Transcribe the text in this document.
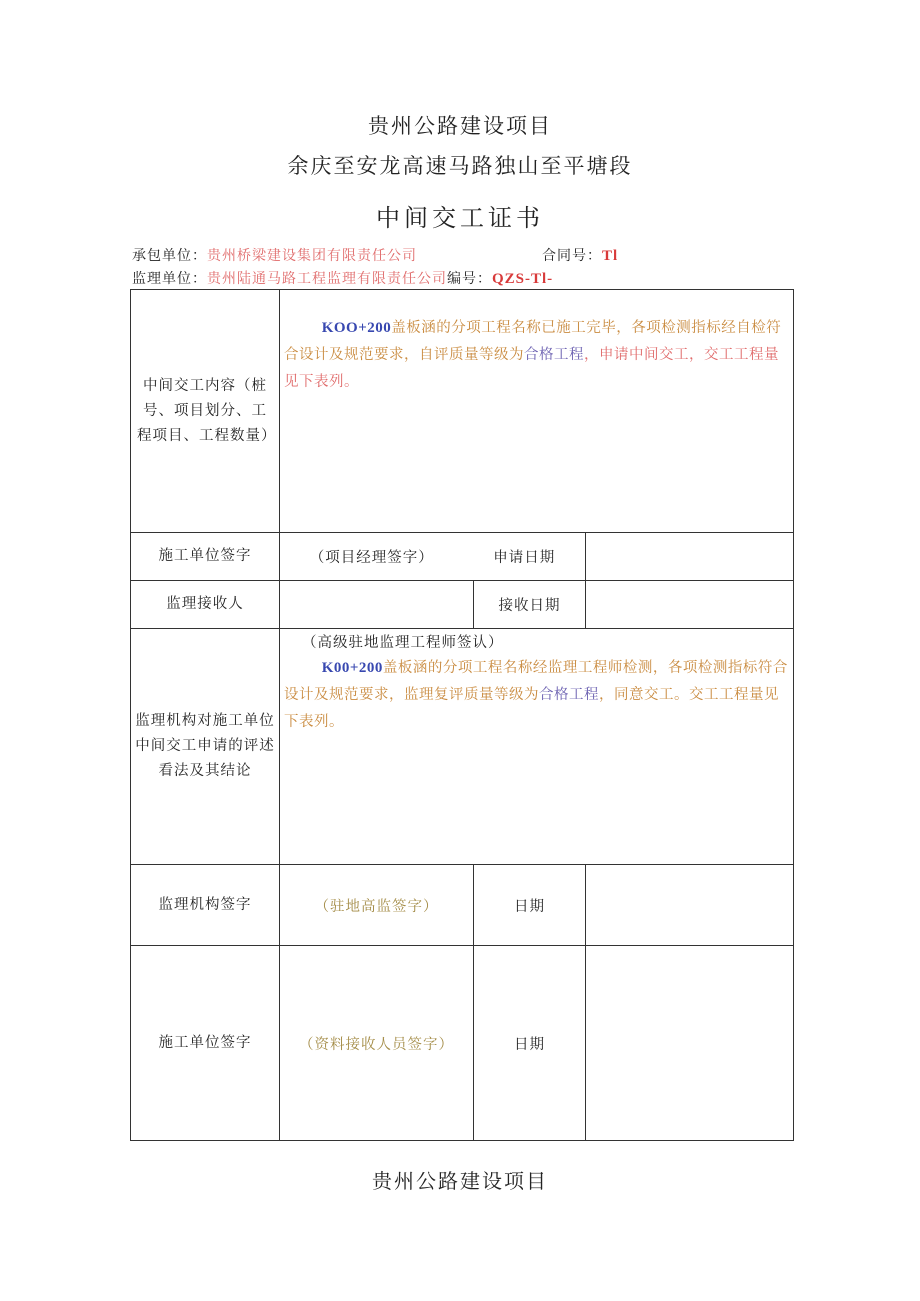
贵州公路建设项目
余庆至安龙高速马路独山至平塘段
中间交工证书
承包单位：贵州桥梁建设集团有限责任公司	合同号：Tl
监理单位：贵州陆通马路工程监理有限责任公司编号：QZS-Tl-
中间交工内容（桩号、项目划分、工程项目、工程数量）	KOO+200盖板涵的分项工程名称已施工完毕，各项检测指标经自检符合设计及规范要求，自评质量等级为合格工程，申请中间交工，交工工程量见下表列。		

施工单位签字	（项目经理签字） 申请日期		

监理接收人		接收日期	

监理机构对施工单位中间交工申请的评述看法及其结论	（高级驻地监理工程师签认）
K00+200盖板涵的分项工程名称经监理工程师检测，各项检测指标符合设计及规范要求，监理复评质量等级为合格工程，同意交工。交工工程量见下表列。		

监理机构签字	（驻地高监签字）	日期	
施工单位签字	（资料接收人员签字）	日期	
贵州公路建设项目
